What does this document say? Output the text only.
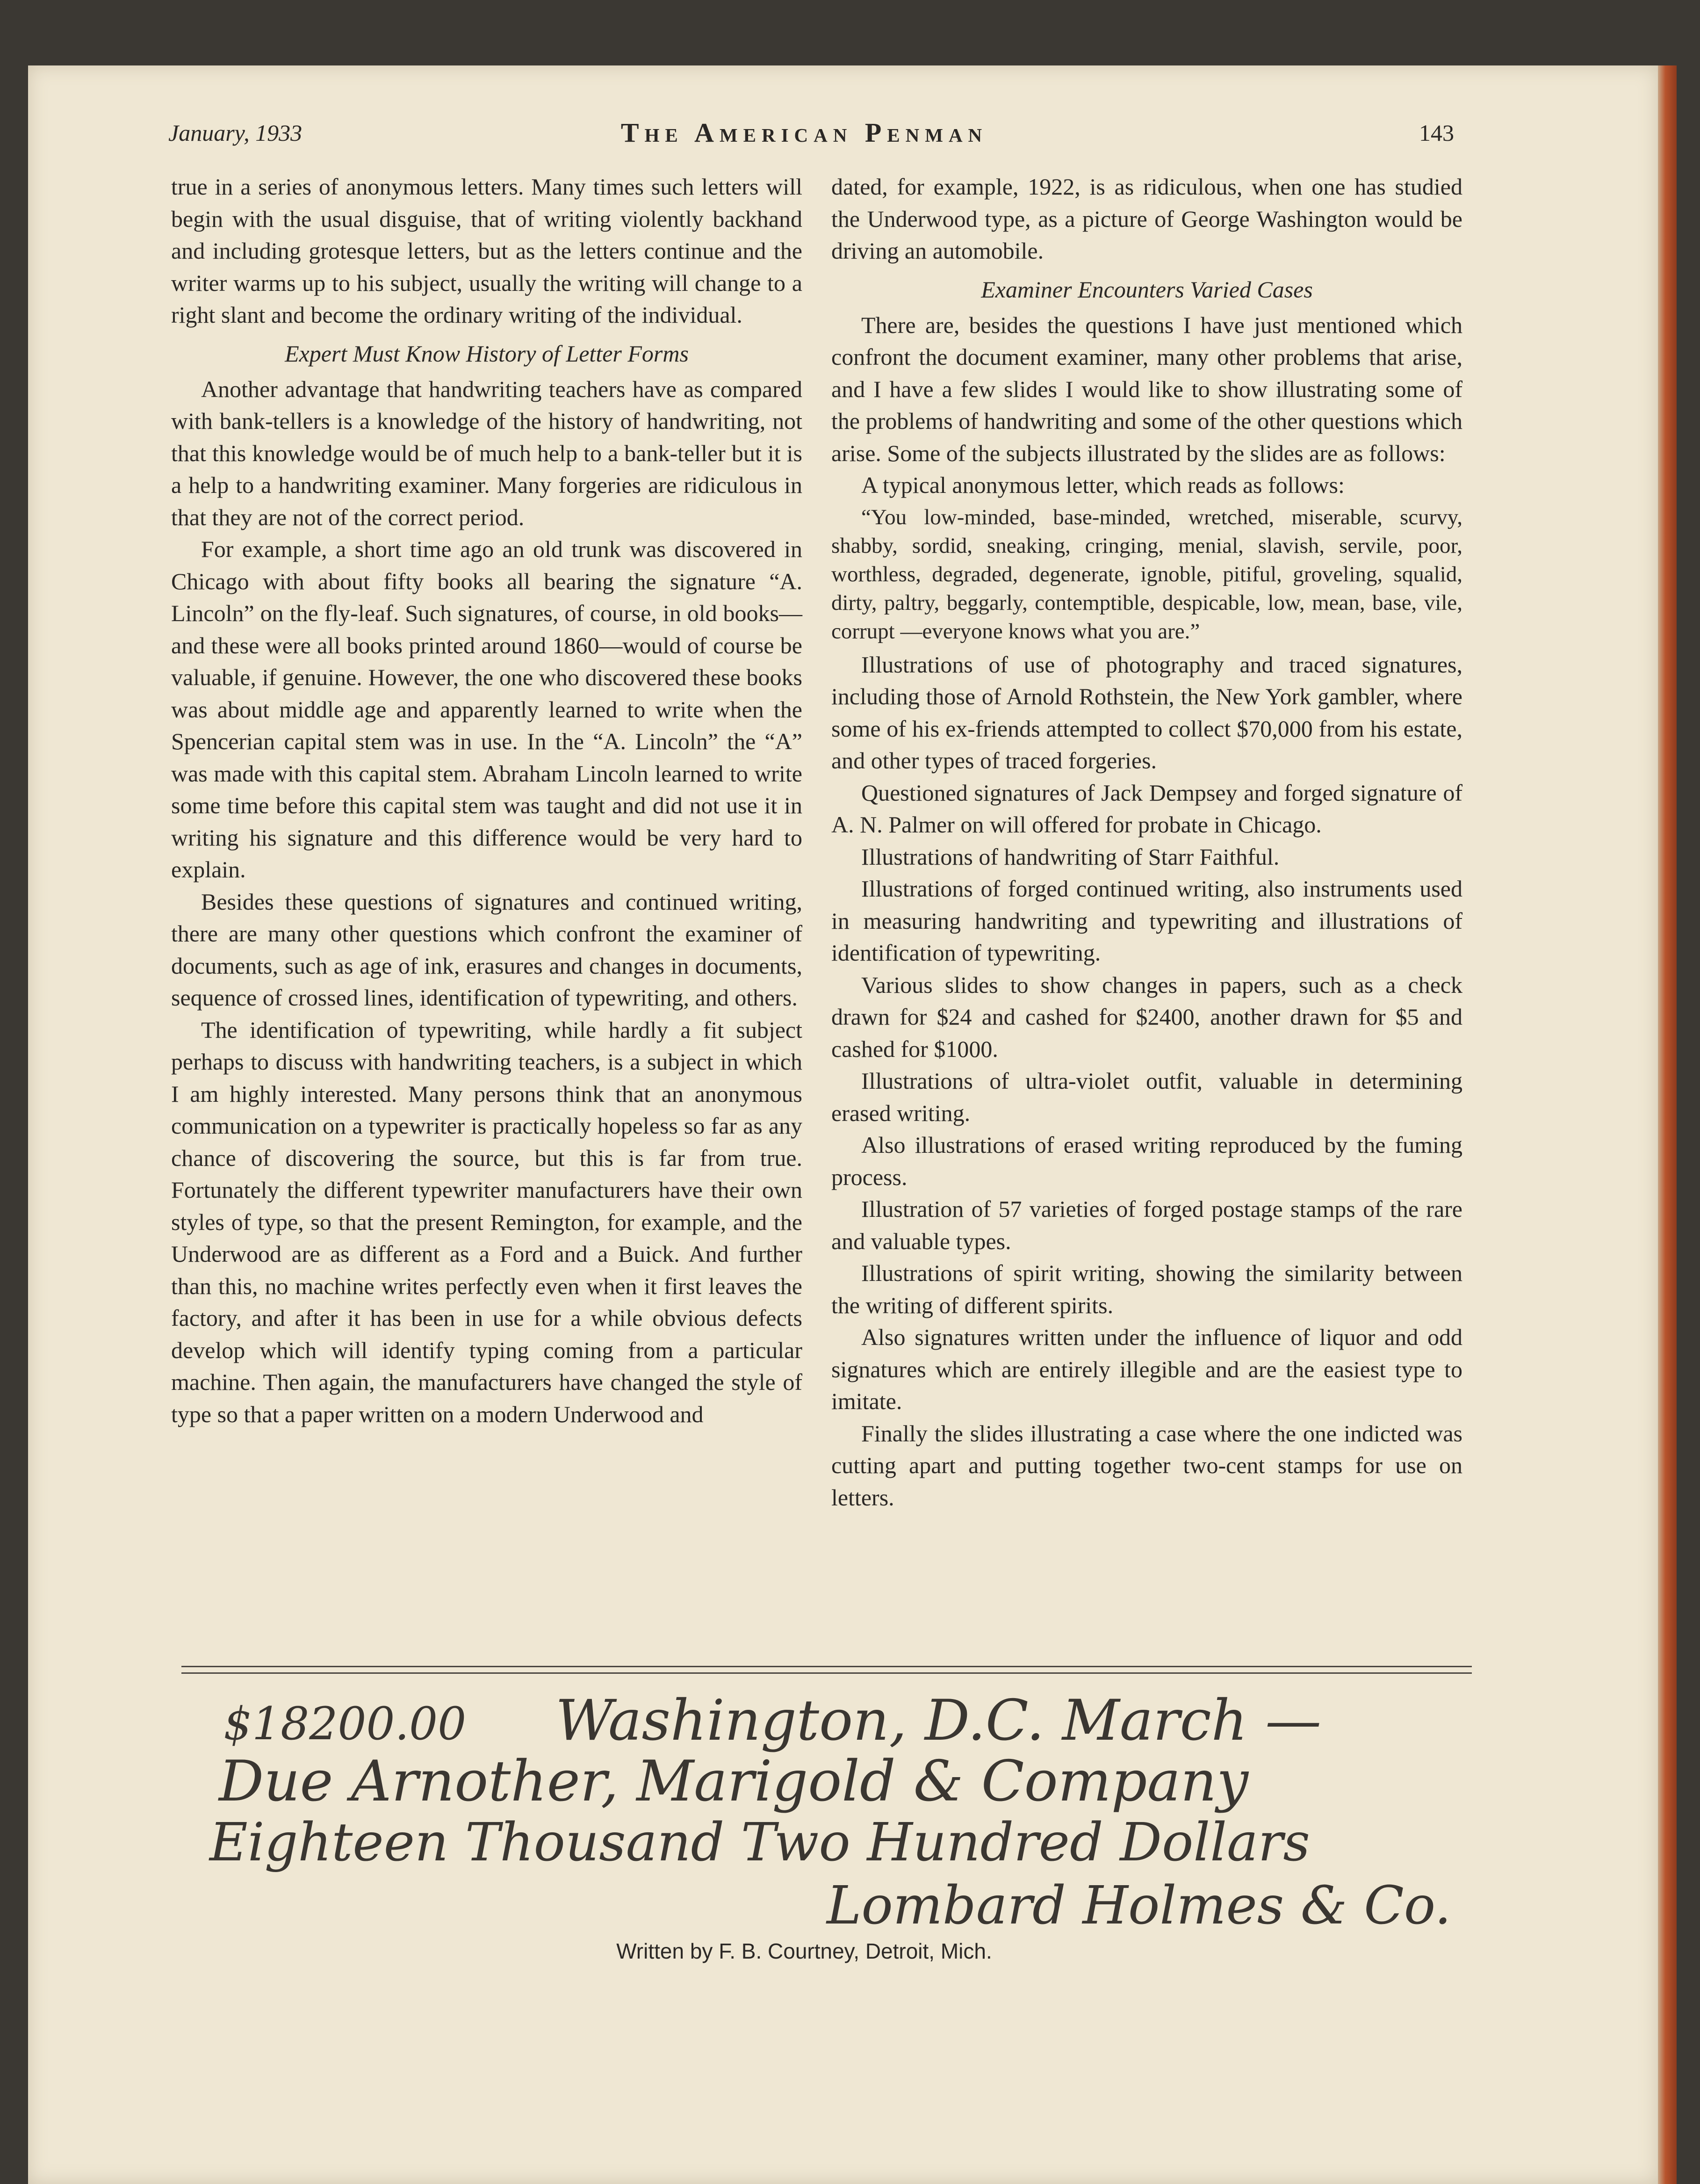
January, 1933	The American Penman	143

true in a series of anonymous letters. Many times such letters will begin with the usual disguise, that of writing violently backhand and including grotesque letters, but as the letters continue and the writer warms up to his subject, usually the writing will change to a right slant and become the ordinary writing of the individual.

Expert Must Know History of Letter Forms

Another advantage that handwriting teachers have as compared with bank-tellers is a knowledge of the history of handwriting, not that this knowledge would be of much help to a bank-teller but it is a help to a handwriting examiner. Many forgeries are ridiculous in that they are not of the correct period.

For example, a short time ago an old trunk was discovered in Chicago with about fifty books all bearing the signature “A. Lincoln” on the fly-leaf. Such signatures, of course, in old books—and these were all books printed around 1860—would of course be valuable, if genuine. However, the one who discovered these books was about middle age and apparently learned to write when the Spencerian capital stem was in use. In the “A. Lincoln” the “A” was made with this capital stem. Abraham Lincoln learned to write some time before this capital stem was taught and did not use it in writing his signature and this difference would be very hard to explain.

Besides these questions of signatures and continued writing, there are many other questions which confront the examiner of documents, such as age of ink, erasures and changes in documents, sequence of crossed lines, identification of typewriting, and others.

The identification of typewriting, while hardly a fit subject perhaps to discuss with handwriting teachers, is a subject in which I am highly interested. Many persons think that an anonymous communication on a typewriter is practically hopeless so far as any chance of discovering the source, but this is far from true. Fortunately the different typewriter manufacturers have their own styles of type, so that the present Remington, for example, and the Underwood are as different as a Ford and a Buick. And further than this, no machine writes perfectly even when it first leaves the factory, and after it has been in use for a while obvious defects develop which will identify typing coming from a particular machine. Then again, the manufacturers have changed the style of type so that a paper written on a modern Underwood and

dated, for example, 1922, is as ridiculous, when one has studied the Underwood type, as a picture of George Washington would be driving an automobile.

Examiner Encounters Varied Cases

There are, besides the questions I have just mentioned which confront the document examiner, many other problems that arise, and I have a few slides I would like to show illustrating some of the problems of handwriting and some of the other questions which arise. Some of the subjects illustrated by the slides are as follows:

A typical anonymous letter, which reads as follows:

“You low-minded, base-minded, wretched, miserable, scurvy, shabby, sordid, sneaking, cringing, menial, slavish, servile, poor, worthless, degraded, degenerate, ignoble, pitiful, groveling, squalid, dirty, paltry, beggarly, contemptible, despicable, low, mean, base, vile, corrupt —everyone knows what you are.”

Illustrations of use of photography and traced signatures, including those of Arnold Rothstein, the New York gambler, where some of his ex-friends attempted to collect $70,000 from his estate, and other types of traced forgeries.

Questioned signatures of Jack Dempsey and forged signature of A. N. Palmer on will offered for probate in Chicago.

Illustrations of handwriting of Starr Faithful.

Illustrations of forged continued writing, also instruments used in measuring handwriting and typewriting and illustrations of identification of typewriting.

Various slides to show changes in papers, such as a check drawn for $24 and cashed for $2400, another drawn for $5 and cashed for $1000.

Illustrations of ultra-violet outfit, valuable in determining erased writing.

Also illustrations of erased writing reproduced by the fuming process.

Illustration of 57 varieties of forged postage stamps of the rare and valuable types.

Illustrations of spirit writing, showing the similarity between the writing of different spirits.

Also signatures written under the influence of liquor and odd signatures which are entirely illegible and are the easiest type to imitate.

Finally the slides illustrating a case where the one indicted was cutting apart and putting together two-cent stamps for use on letters.

$18200.00 Washington, D.C. March —
Due Arnother, Marigold & Company
Eighteen Thousand Two Hundred Dollars
Lombard Holmes & Co.
Written by F. B. Courtney, Detroit, Mich.
